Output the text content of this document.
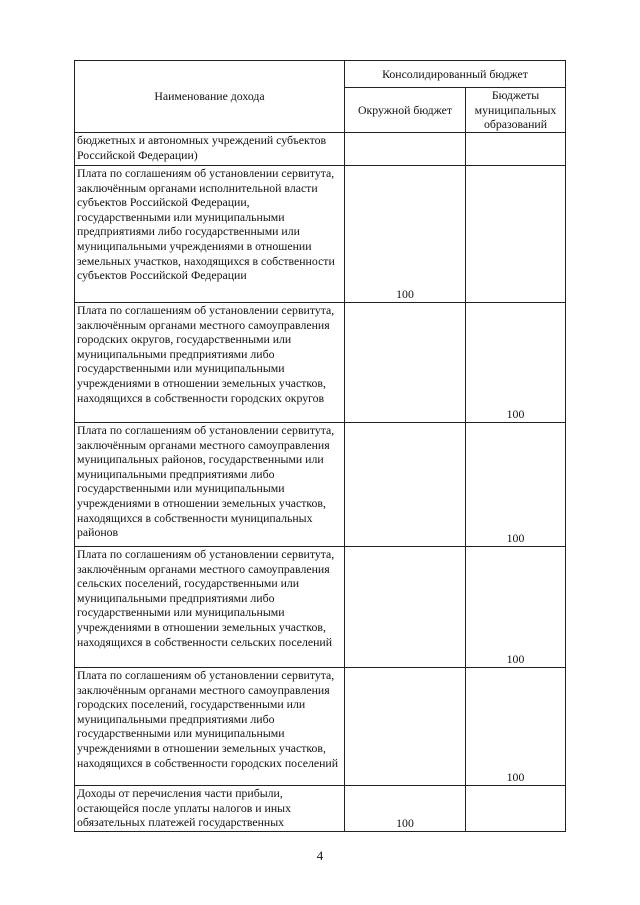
Наименование дохода	Консолидированный бюджет	
	Окружной бюджет	Бюджеты муниципальных образований
бюджетных и автономных учреждений субъектов Российской Федерации)		
Плата по соглашениям об установлении сервитута, заключённым органами исполнительной власти субъектов Российской Федерации, государственными или муниципальными предприятиями либо государственными или муниципальными учреждениями в отношении земельных участков, находящихся в собственности субъектов Российской Федерации	100	
Плата по соглашениям об установлении сервитута, заключённым органами местного самоуправления городских округов, государственными или муниципальными предприятиями либо государственными или муниципальными учреждениями в отношении земельных участков, находящихся в собственности городских округов		100
Плата по соглашениям об установлении сервитута, заключённым органами местного самоуправления муниципальных районов, государственными или муниципальными предприятиями либо государственными или муниципальными учреждениями в отношении земельных участков, находящихся в собственности муниципальных районов		100
Плата по соглашениям об установлении сервитута, заключённым органами местного самоуправления сельских поселений, государственными или муниципальными предприятиями либо государственными или муниципальными учреждениями в отношении земельных участков, находящихся в собственности сельских поселений		100
Плата по соглашениям об установлении сервитута, заключённым органами местного самоуправления городских поселений, государственными или муниципальными предприятиями либо государственными или муниципальными учреждениями в отношении земельных участков, находящихся в собственности городских поселений		100
Доходы от перечисления части прибыли, остающейся после уплаты налогов и иных обязательных платежей государственных	100	
4
